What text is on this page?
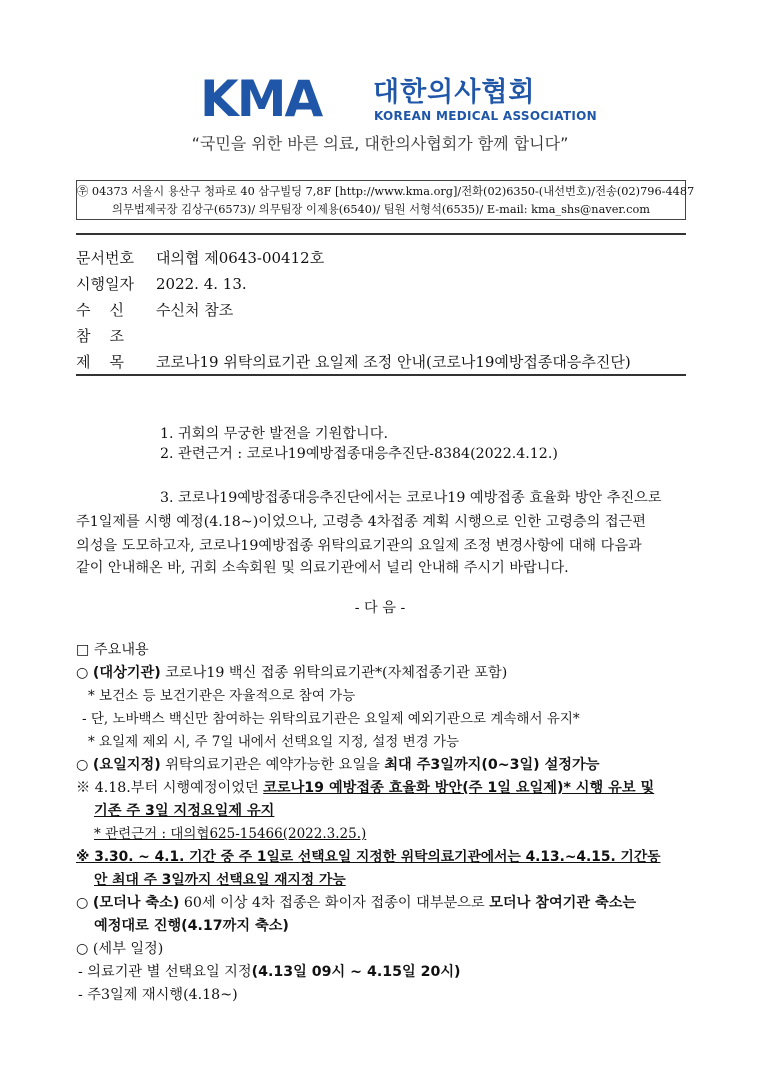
KMA 대한의사협회
KOREAN MEDICAL ASSOCIATION
“국민을 위한 바른 의료, 대한의사협회가 함께 합니다”
㉾ 04373 서울시 용산구 청파로 40 삼구빌딩 7,8F [http://www.kma.org]/전화(02)6350-(내선번호)/전송(02)796-4487
의무법제국장 김상구(6573)/ 의무팀장 이제용(6540)/ 팀원 서형석(6535)/ E-mail: kma_shs@naver.com
문서번호 대의협 제0643-00412호
시행일자 2022. 4. 13.
수    신 수신처 참조
참    조
제    목 코로나19 위탁의료기관 요일제 조정 안내(코로나19예방접종대응추진단)
1. 귀회의 무궁한 발전을 기원합니다.
2. 관련근거 : 코로나19예방접종대응추진단-8384(2022.4.12.)
3. 코로나19예방접종대응추진단에서는 코로나19 예방접종 효율화 방안 추진으로
주1일제를 시행 예정(4.18~)이었으나, 고령층 4차접종 계획 시행으로 인한 고령층의 접근편
의성을 도모하고자, 코로나19예방접종 위탁의료기관의 요일제 조정 변경사항에 대해 다음과
같이 안내해온 바, 귀회 소속회원 및 의료기관에서 널리 안내해 주시기 바랍니다.
- 다 음 -
□ 주요내용
○ (대상기관) 코로나19 백신 접종 위탁의료기관*(자체접종기관 포함)
* 보건소 등 보건기관은 자율적으로 참여 가능
- 단, 노바백스 백신만 참여하는 위탁의료기관은 요일제 예외기관으로 계속해서 유지*
* 요일제 제외 시, 주 7일 내에서 선택요일 지정, 설정 변경 가능
○ (요일지정) 위탁의료기관은 예약가능한 요일을 최대 주3일까지(0~3일) 설정가능
※ 4.18.부터 시행예정이었던 코로나19 예방접종 효율화 방안(주 1일 요일제)* 시행 유보 및
기존 주 3일 지정요일제 유지
* 관련근거 : 대의협625-15466(2022.3.25.)
※ 3.30. ~ 4.1. 기간 중 주 1일로 선택요일 지정한 위탁의료기관에서는 4.13.~4.15. 기간동
안 최대 주 3일까지 선택요일 재지정 가능
○ (모더나 축소) 60세 이상 4차 접종은 화이자 접종이 대부분으로 모더나 참여기관 축소는
예정대로 진행(4.17까지 축소)
○ (세부 일정)
- 의료기관 별 선택요일 지정(4.13일 09시 ~ 4.15일 20시)
- 주3일제 재시행(4.18~)
